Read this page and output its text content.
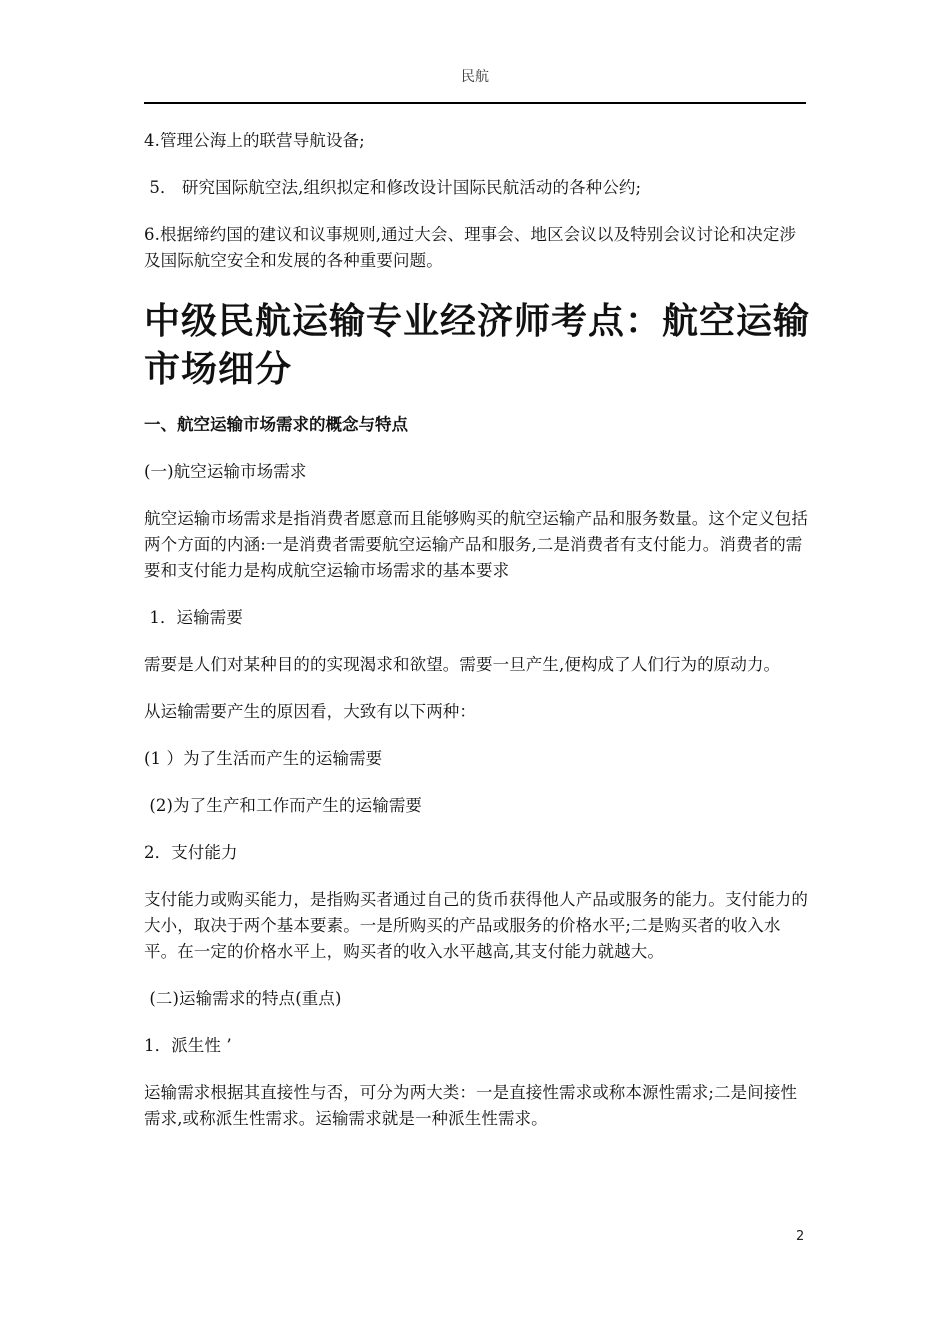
民航

4.管理公海上的联营导航设备;

5． 研究国际航空法,组织拟定和修改设计国际民航活动的各种公约;

6.根据缔约国的建议和议事规则,通过大会、理事会、地区会议以及特别会议讨论和决定涉及国际航空安全和发展的各种重要问题。

中级民航运输专业经济师考点：航空运输市场细分

一、航空运输市场需求的概念与特点

(一)航空运输市场需求

航空运输市场需求是指消费者愿意而且能够购买的航空运输产品和服务数量。这个定义包括两个方面的内涵:一是消费者需要航空运输产品和服务,二是消费者有支付能力。消费者的需要和支付能力是构成航空运输市场需求的基本要求

1．运输需要

需要是人们对某种目的的实现渴求和欲望。需要一旦产生,便构成了人们行为的原动力。

从运输需要产生的原因看，大致有以下两种：

(1 ）为了生活而产生的运输需要

(2)为了生产和工作而产生的运输需要

2．支付能力

支付能力或购买能力，是指购买者通过自己的货币获得他人产品或服务的能力。支付能力的大小，取决于两个基本要素。一是所购买的产品或服务的价格水平;二是购买者的收入水平。在一定的价格水平上，购买者的收入水平越高,其支付能力就越大。

(二)运输需求的特点(重点)

1．派生性 ’

运输需求根据其直接性与否，可分为两大类：一是直接性需求或称本源性需求;二是间接性需求,或称派生性需求。运输需求就是一种派生性需求。

2
